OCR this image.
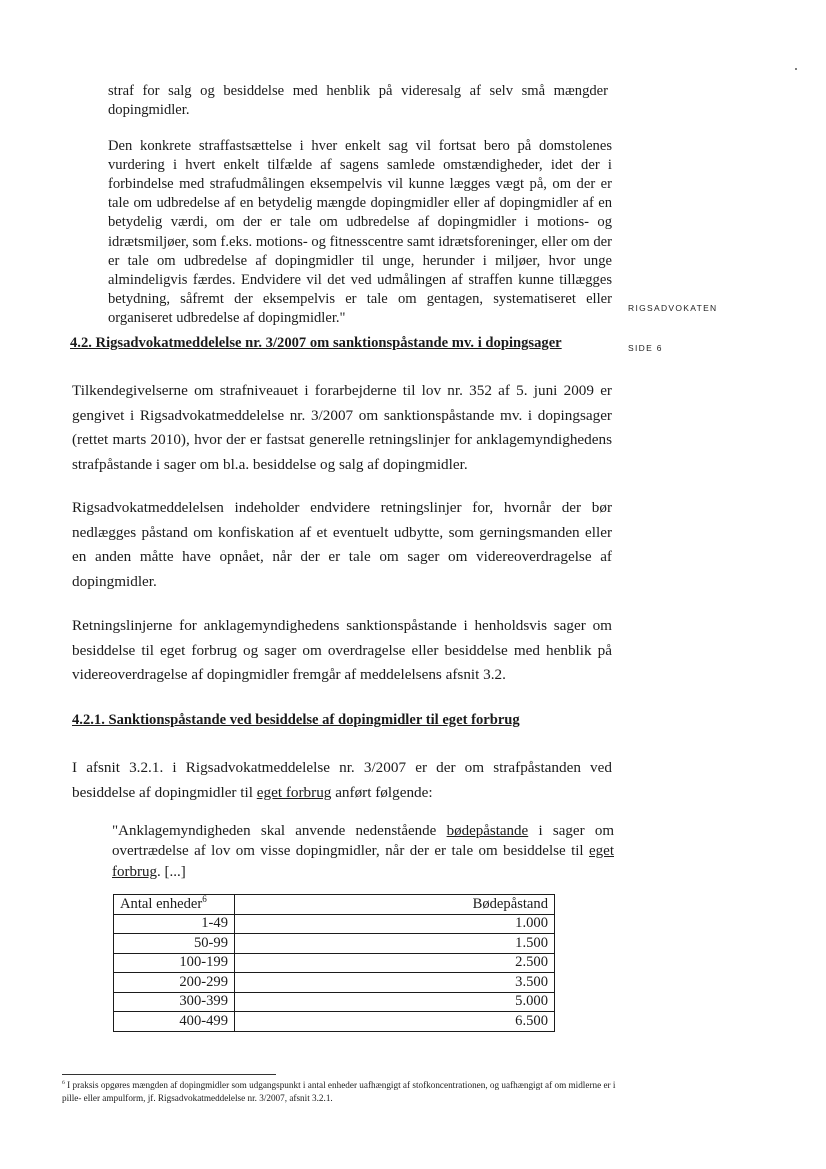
straf for salg og besiddelse med henblik på videresalg af selv små mængder dopingmidler.

Den konkrete straffastsættelse i hver enkelt sag vil fortsat bero på domstolenes vurdering i hvert enkelt tilfælde af sagens samlede omstændigheder, idet der i forbindelse med strafudmålingen eksempelvis vil kunne lægges vægt på, om der er tale om udbredelse af en betydelig mængde dopingmidler eller af dopingmidler af en betydelig værdi, om der er tale om udbredelse af dopingmidler i motions- og idrætsmiljøer, som f.eks. motions- og fitnesscentre samt idrætsforeninger, eller om der er tale om udbredelse af dopingmidler til unge, herunder i miljøer, hvor unge almindeligvis færdes. Endvidere vil det ved udmålingen af straffen kunne tillægges betydning, såfremt der eksempelvis er tale om gentagen, systematiseret eller organiseret udbredelse af dopingmidler."

RIGSADVOKATEN
SIDE 6
4.2. Rigsadvokatmeddelelse nr. 3/2007 om sanktionspåstande mv. i dopingsager

Tilkendegivelserne om strafniveauet i forarbejderne til lov nr. 352 af 5. juni 2009 er gengivet i Rigsadvokatmeddelelse nr. 3/2007 om sanktionspåstande mv. i dopingsager (rettet marts 2010), hvor der er fastsat generelle retningslinjer for anklagemyndighedens strafpåstande i sager om bl.a. besiddelse og salg af dopingmidler.

Rigsadvokatmeddelelsen indeholder endvidere retningslinjer for, hvornår der bør nedlægges påstand om konfiskation af et eventuelt udbytte, som gerningsmanden eller en anden måtte have opnået, når der er tale om sager om videreoverdragelse af dopingmidler.

Retningslinjerne for anklagemyndighedens sanktionspåstande i henholdsvis sager om besiddelse til eget forbrug og sager om overdragelse eller besiddelse med henblik på videreoverdragelse af dopingmidler fremgår af meddelelsens afsnit 3.2.

4.2.1. Sanktionspåstande ved besiddelse af dopingmidler til eget forbrug

I afsnit 3.2.1. i Rigsadvokatmeddelelse nr. 3/2007 er der om strafpåstanden ved besiddelse af dopingmidler til eget forbrug anført følgende:

"Anklagemyndigheden skal anvende nedenstående bødepåstande i sager om overtrædelse af lov om visse dopingmidler, når der er tale om besiddelse til eget forbrug. [...]

Antal enheder$^6$	Bødepåstand
1-49	1.000
50-99	1.500
100-199	2.500
200-299	3.500
300-399	5.000
400-499	6.500
$^6$ I praksis opgøres mængden af dopingmidler som udgangspunkt i antal enheder uafhængigt af stofkoncentrationen, og uafhængigt af om midlerne er i pille- eller ampulform, jf. Rigsadvokatmeddelelse nr. 3/2007, afsnit 3.2.1.
